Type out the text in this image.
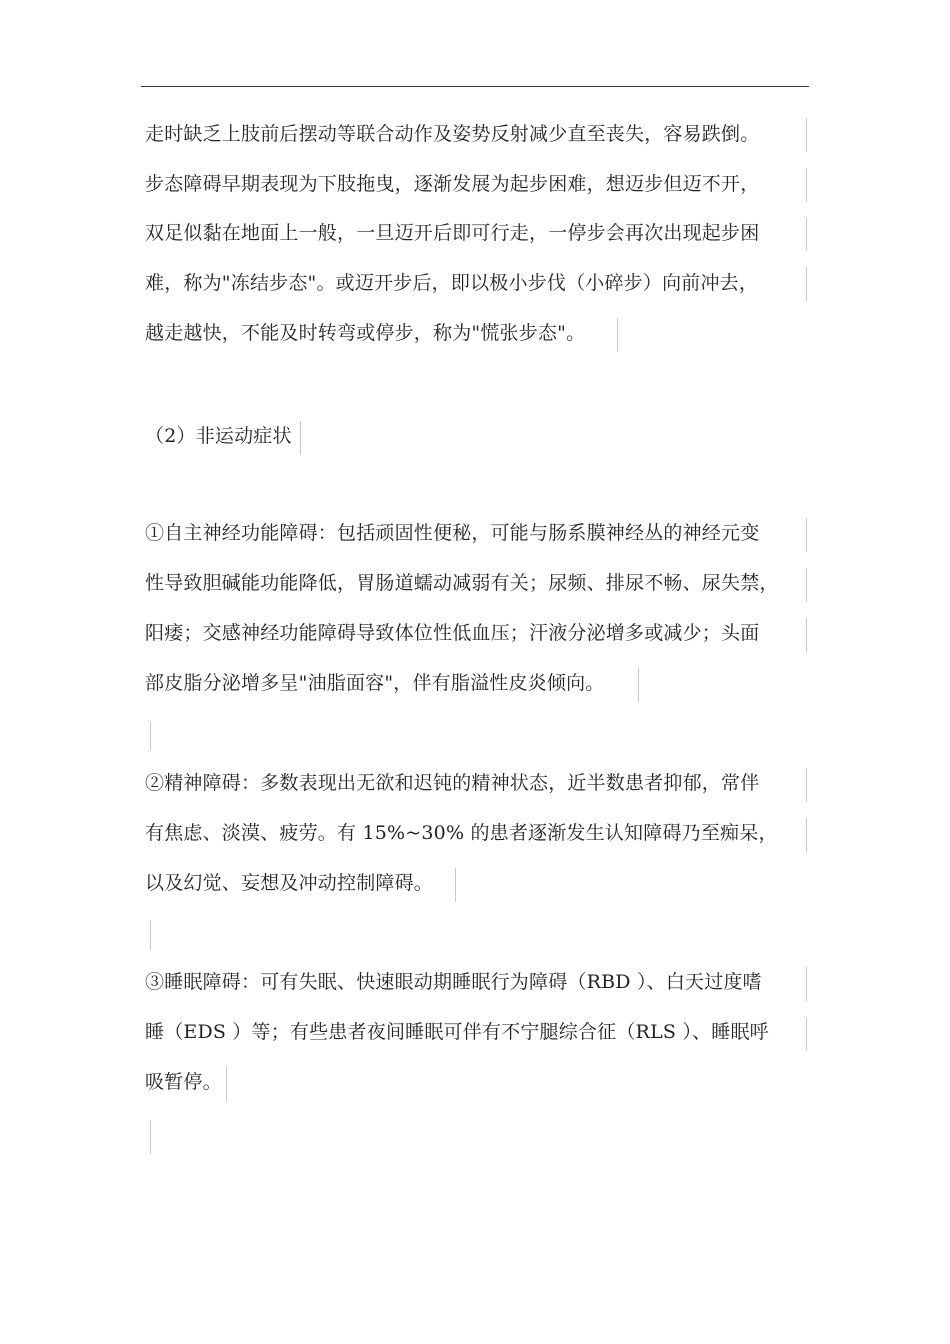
走时缺乏上肢前后摆动等联合动作及姿势反射减少直至丧失，容易跌倒。
步态障碍早期表现为下肢拖曳，逐渐发展为起步困难，想迈步但迈不开，
双足似黏在地面上一般，一旦迈开后即可行走，一停步会再次出现起步困
难，称为"冻结步态"。或迈开步后，即以极小步伐（小碎步）向前冲去，
越走越快，不能及时转弯或停步，称为"慌张步态"。
（2）非运动症状
①自主神经功能障碍：包括顽固性便秘，可能与肠系膜神经丛的神经元变
性导致胆碱能功能降低，胃肠道蠕动减弱有关；尿频、排尿不畅、尿失禁，
阳痿；交感神经功能障碍导致体位性低血压；汗液分泌增多或减少；头面
部皮脂分泌增多呈"油脂面容"，伴有脂溢性皮炎倾向。
②精神障碍：多数表现出无欲和迟钝的精神状态，近半数患者抑郁，常伴
有焦虑、淡漠、疲劳。有 15%~30% 的患者逐渐发生认知障碍乃至痴呆，
以及幻觉、妄想及冲动控制障碍。
③睡眠障碍：可有失眠、快速眼动期睡眠行为障碍（RBD ）、白天过度嗜
睡（EDS ）等；有些患者夜间睡眠可伴有不宁腿综合征（RLS ）、睡眠呼
吸暂停。
